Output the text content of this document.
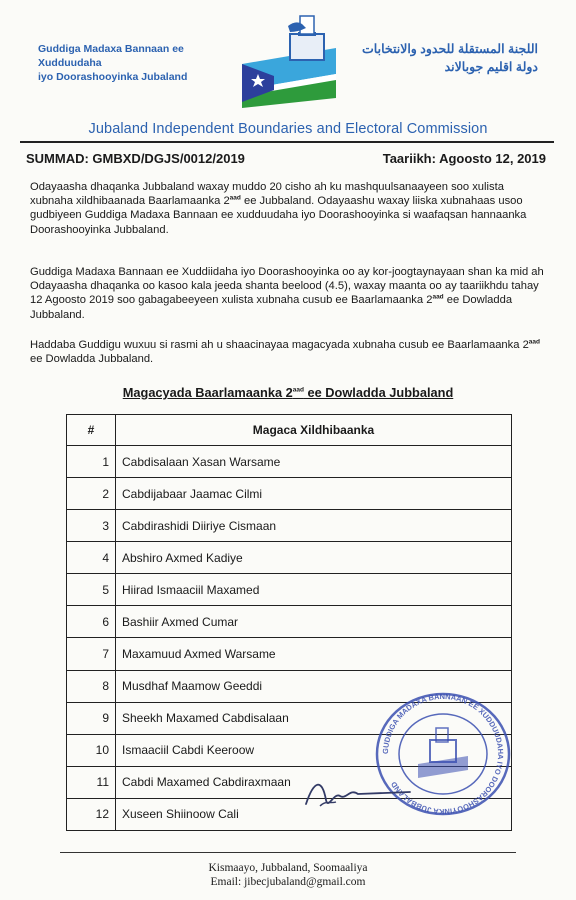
Guddiga Madaxa Bannaan ee Xudduudaha
iyo Doorashooyinka Jubaland
اللجنة المستقلة للحدود والانتخابات
دولة اقليم جوبالاند
Jubaland Independent Boundaries and Electoral Commission
SUMMAD: GMBXD/DGJS/0012/2019	Taariikh: Agoosto 12, 2019
Odayaasha dhaqanka Jubbaland waxay muddo 20 cisho ah ku mashquulsanaayeen soo xulista xubnaha xildhibaanada Baarlamaanka $2^{aad}$ ee Jubbaland. Odayaashu waxay liiska xubnahaas usoo gudbiyeen Guddiga Madaxa Bannaan ee xudduudaha iyo Doorashooyinka si waafaqsan hannaanka Doorashooyinka Jubbaland.
Guddiga Madaxa Bannaan ee Xuddiidaha iyo Doorashooyinka oo ay kor-joogtaynayaan shan ka mid ah Odayaasha dhaqanka oo kasoo kala jeeda shanta beelood (4.5), waxay maanta oo ay taariikhdu tahay 12 Agoosto 2019 soo gabagabeeyeen xulista xubnaha cusub ee Baarlamaanka $2^{aad}$ ee Dowladda Jubbaland.
Haddaba Guddigu wuxuu si rasmi ah u shaacinayaa magacyada xubnaha cusub ee Baarlamaanka $2^{aad}$ ee Dowladda Jubbaland.
Magacyada Baarlamaanka $2^{aad}$ ee Dowladda Jubbaland
#	Magaca Xildhibaanka
1	Cabdisalaan Xasan Warsame
2	Cabdijabaar Jaamac Cilmi
3	Cabdirashidi Diiriye Cismaan
4	Abshiro Axmed Kadiye
5	Hiirad Ismaaciil Maxamed
6	Bashiir Axmed Cumar
7	Maxamuud Axmed Warsame
8	Musdhaf Maamow Geeddi
9	Sheekh Maxamed Cabdisalaan
10	Ismaaciil Cabdi Keeroow
11	Cabdi Maxamed Cabdiraxmaan
12	Xuseen Shiinoow Cali
GUDDIGA MADAXA BANNAAN EE XUDDUUDAHA IYO DOORASHOOYINKA JUBBALAND
Kismaayo, Jubbaland, Soomaaliya
Email: jibecjubaland@gmail.com
